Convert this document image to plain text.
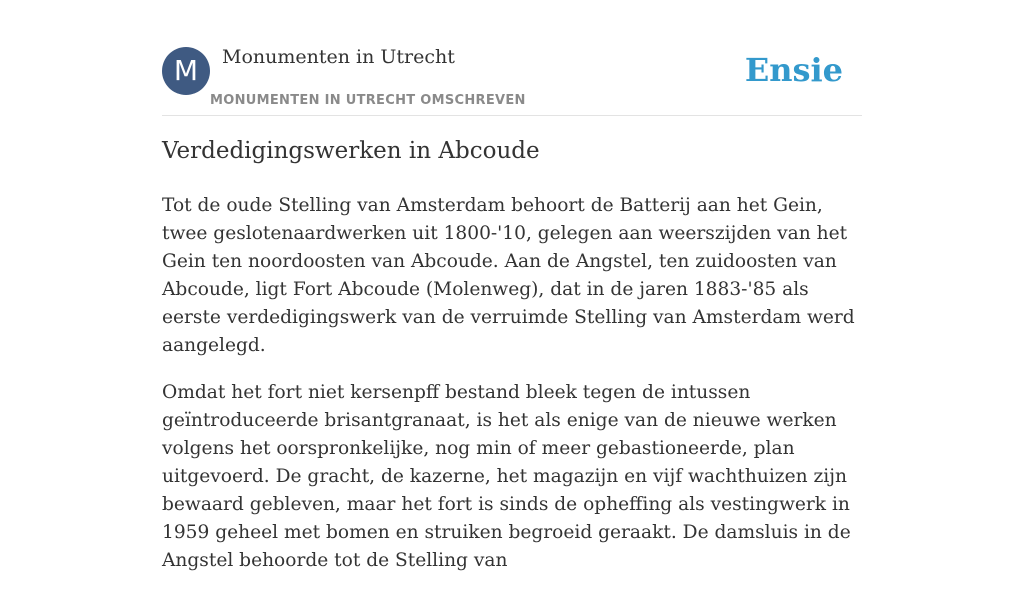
M	Monumenten in Utrecht
MONUMENTEN IN UTRECHT OMSCHREVEN
Ensie
Verdedigingswerken in Abcoude

Tot de oude Stelling van Amsterdam behoort de Batterij aan het Gein, twee geslotenaardwerken uit 1800-'10, gelegen aan weerszijden van het Gein ten noordoosten van Abcoude. Aan de Angstel, ten zuidoosten van Abcoude, ligt Fort Abcoude (Molenweg), dat in de jaren 1883-'85 als eerste verdedigingswerk van de verruimde Stelling van Amsterdam werd aangelegd.

Omdat het fort niet kersenpff bestand bleek tegen de intussen geïntroduceerde brisantgranaat, is het als enige van de nieuwe werken volgens het oorspronkelijke, nog min of meer gebastioneerde, plan uitgevoerd. De gracht, de kazerne, het magazijn en vijf wachthuizen zijn bewaard gebleven, maar het fort is sinds de opheffing als vestingwerk in 1959 geheel met bomen en struiken begroeid geraakt. De damsluis in de Angstel behoorde tot de Stelling van
